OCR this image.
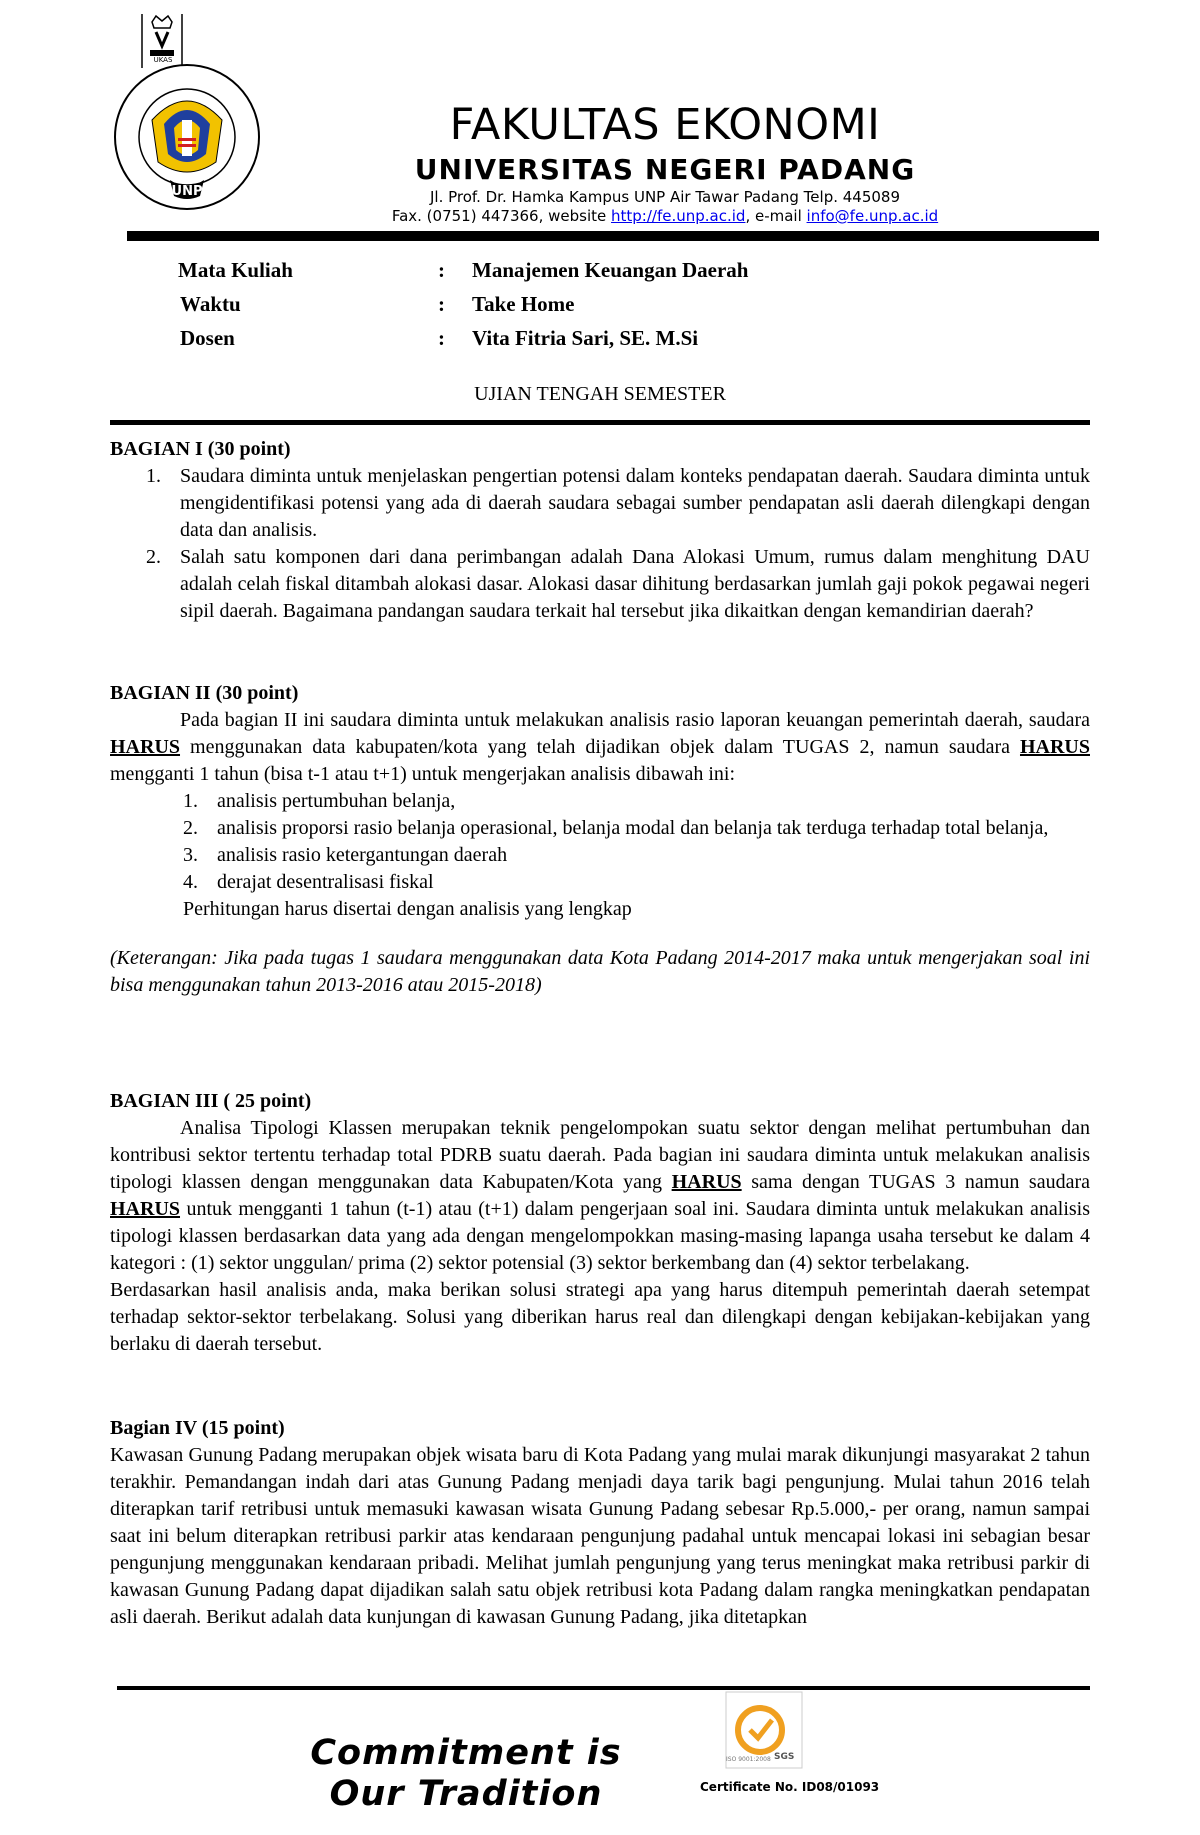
UKAS
UNP
FAKULTAS EKONOMI
UNIVERSITAS NEGERI PADANG
Jl. Prof. Dr. Hamka Kampus UNP Air Tawar Padang Telp. 445089
Fax. (0751) 447366, website http://fe.unp.ac.id, e-mail info@fe.unp.ac.id
Mata Kuliah	: Manajemen Keuangan Daerah
Waktu	: Take Home
Dosen	: Vita Fitria Sari, SE. M.Si
UJIAN TENGAH SEMESTER
BAGIAN I (30 point)
1. Saudara diminta untuk menjelaskan pengertian potensi dalam konteks pendapatan daerah. Saudara diminta untuk mengidentifikasi potensi yang ada di daerah saudara sebagai sumber pendapatan asli daerah dilengkapi dengan data dan analisis.
2. Salah satu komponen dari dana perimbangan adalah Dana Alokasi Umum, rumus dalam menghitung DAU adalah celah fiskal ditambah alokasi dasar. Alokasi dasar dihitung berdasarkan jumlah gaji pokok pegawai negeri sipil daerah. Bagaimana pandangan saudara terkait hal tersebut jika dikaitkan dengan kemandirian daerah?
BAGIAN II (30 point)
Pada bagian II ini saudara diminta untuk melakukan analisis rasio laporan keuangan pemerintah daerah, saudara HARUS menggunakan data kabupaten/kota yang telah dijadikan objek dalam TUGAS 2, namun saudara HARUS mengganti 1 tahun (bisa t-1 atau t+1) untuk mengerjakan analisis dibawah ini:
1. analisis pertumbuhan belanja,
2. analisis proporsi rasio belanja operasional, belanja modal dan belanja tak terduga terhadap total belanja,
3. analisis rasio ketergantungan daerah
4. derajat desentralisasi fiskal
Perhitungan harus disertai dengan analisis yang lengkap
(Keterangan: Jika pada tugas 1 saudara menggunakan data Kota Padang 2014-2017 maka untuk mengerjakan soal ini bisa menggunakan tahun 2013-2016 atau 2015-2018)
BAGIAN III ( 25 point)
Analisa Tipologi Klassen merupakan teknik pengelompokan suatu sektor dengan melihat pertumbuhan dan kontribusi sektor tertentu terhadap total PDRB suatu daerah. Pada bagian ini saudara diminta untuk melakukan analisis tipologi klassen dengan menggunakan data Kabupaten/Kota yang HARUS sama dengan TUGAS 3 namun saudara HARUS untuk mengganti 1 tahun (t-1) atau (t+1) dalam pengerjaan soal ini. Saudara diminta untuk melakukan analisis tipologi klassen berdasarkan data yang ada dengan mengelompokkan masing-masing lapanga usaha tersebut ke dalam 4 kategori : (1) sektor unggulan/ prima (2) sektor potensial (3) sektor berkembang dan (4) sektor terbelakang.
Berdasarkan hasil analisis anda, maka berikan solusi strategi apa yang harus ditempuh pemerintah daerah setempat terhadap sektor-sektor terbelakang. Solusi yang diberikan harus real dan dilengkapi dengan kebijakan-kebijakan yang berlaku di daerah tersebut.
Bagian IV (15 point)
Kawasan Gunung Padang merupakan objek wisata baru di Kota Padang yang mulai marak dikunjungi masyarakat 2 tahun terakhir. Pemandangan indah dari atas Gunung Padang menjadi daya tarik bagi pengunjung. Mulai tahun 2016 telah diterapkan tarif retribusi untuk memasuki kawasan wisata Gunung Padang sebesar Rp.5.000,- per orang, namun sampai saat ini belum diterapkan retribusi parkir atas kendaraan pengunjung padahal untuk mencapai lokasi ini sebagian besar pengunjung menggunakan kendaraan pribadi. Melihat jumlah pengunjung yang terus meningkat maka retribusi parkir di kawasan Gunung Padang dapat dijadikan salah satu objek retribusi kota Padang dalam rangka meningkatkan pendapatan asli daerah. Berikut adalah data kunjungan di kawasan Gunung Padang, jika ditetapkan
Commitment is
Our Tradition
SGS
ISO 9001:2008
Certificate No. ID08/01093
